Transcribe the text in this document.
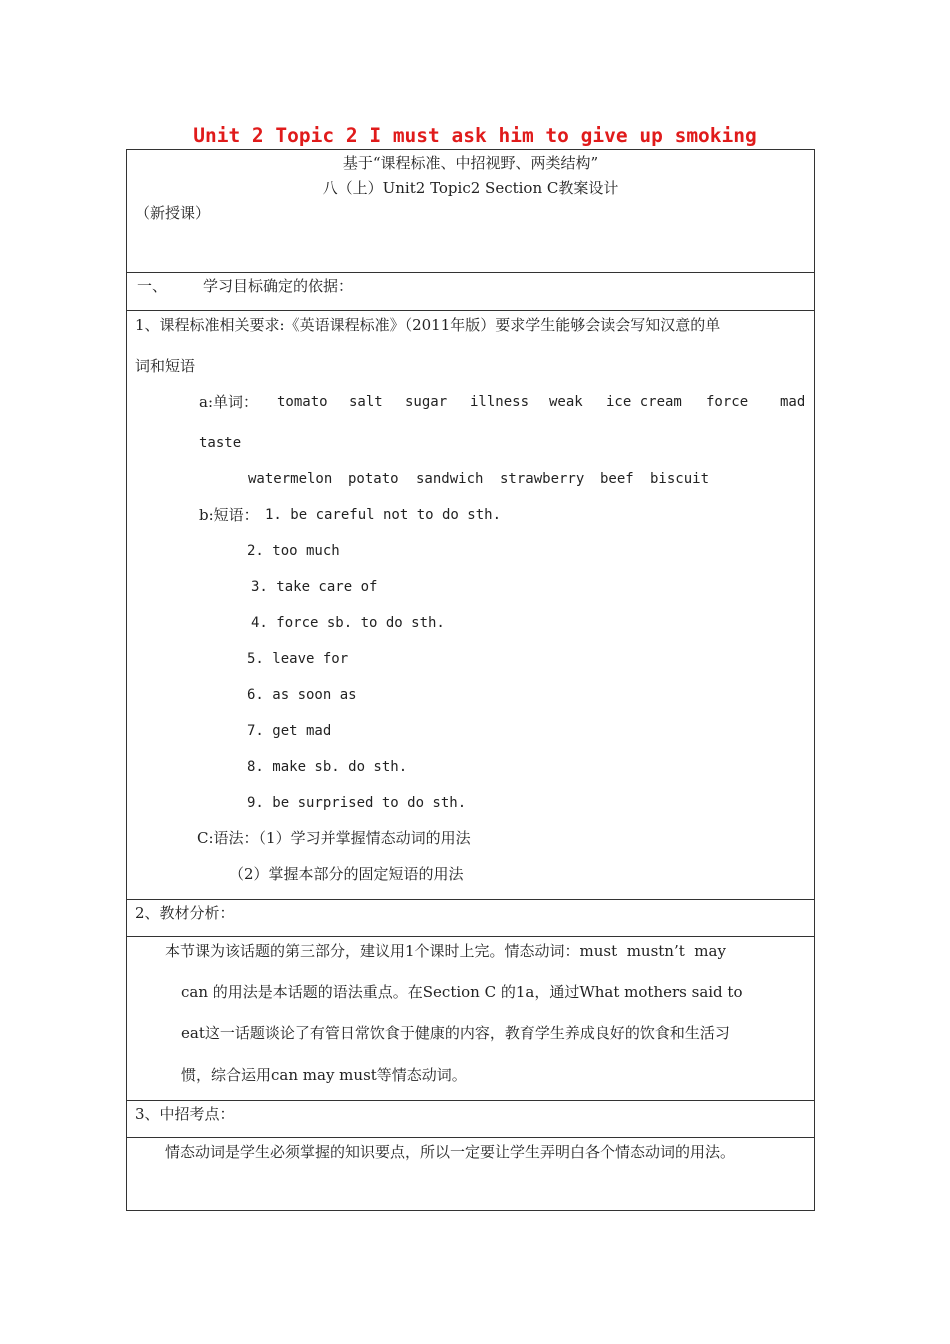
Unit 2 Topic 2 I must ask him to give up smoking
基于“课程标准、中招视野、两类结构”
八（上）Unit2 Topic2 Section C教案设计
（新授课）
一、 学习目标确定的依据：
1、课程标准相关要求:《英语课程标准》（2011年版）要求学生能够会读会写知汉意的单
词和短语
a:单词： tomato salt sugar illness weak ice cream force mad
taste
watermelon potato sandwich strawberry beef biscuit
b:短语： 1. be careful not to do sth.
2. too much
3. take care of
4. force sb. to do sth.
5. leave for
6. as soon as
7. get mad
8. make sb. do sth.
9. be surprised to do sth.
C:语法：（1）学习并掌握情态动词的用法
（2）掌握本部分的固定短语的用法
2、教材分析：
本节课为该话题的第三部分，建议用1个课时上完。情态动词：must  mustn’t  may
can 的用法是本话题的语法重点。在Section C 的1a，通过What mothers said to
eat这一话题谈论了有管日常饮食于健康的内容，教育学生养成良好的饮食和生活习
惯，综合运用can may must等情态动词。
3、中招考点：
情态动词是学生必须掌握的知识要点，所以一定要让学生弄明白各个情态动词的用法。
